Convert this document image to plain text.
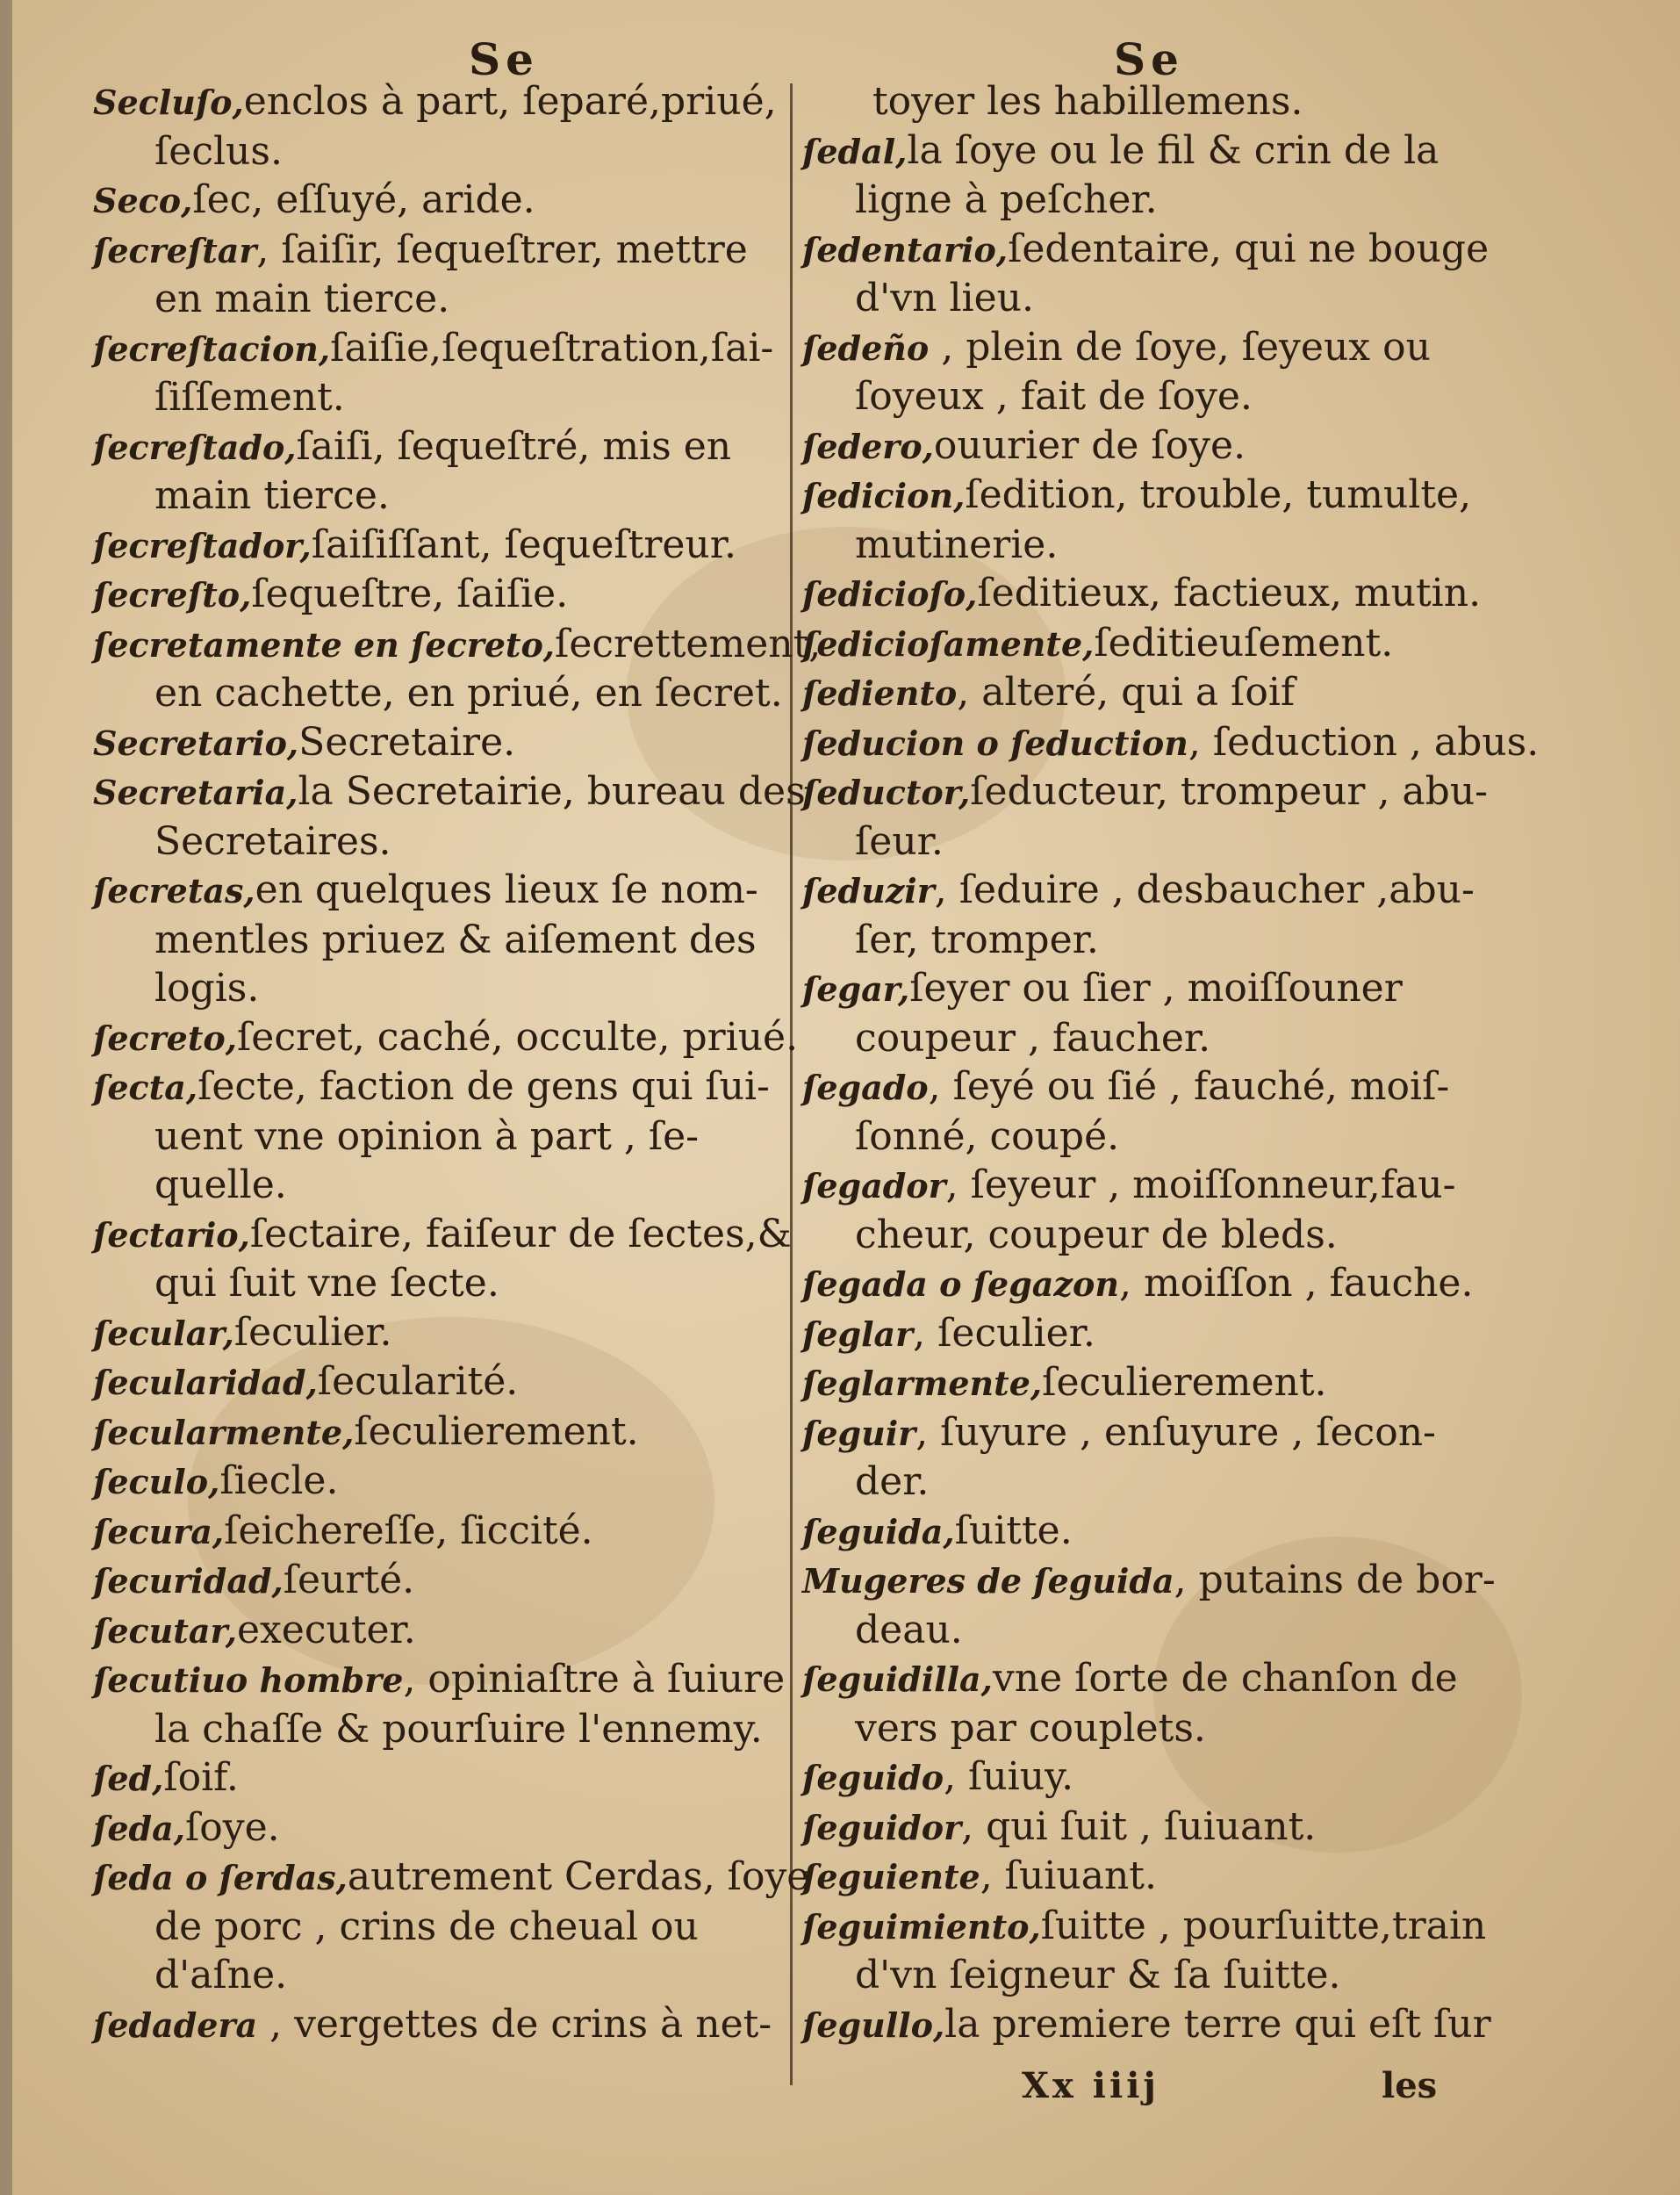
Se	Se

Secluſo,enclos à part, ſeparé,priué,
ſeclus.

Seco,ſec, eſſuyé, aride.

ſecreſtar, ſaiſir, ſequeſtrer, mettre
en main tierce.

ſecreſtacion,ſaiſie,ſequeſtration,ſai-
ſiſſement.

ſecreſtado,ſaiſi, ſequeſtré, mis en
main tierce.

ſecreſtador,ſaiſiſſant, ſequeſtreur.

ſecreſto,ſequeſtre, ſaiſie.

ſecretamente en ſecreto,ſecrettement,
en cachette, en priué, en ſecret.

Secretario,Secretaire.

Secretaria,la Secretairie, bureau des
Secretaires.

ſecretas,en quelques lieux ſe nom-
mentles priuez & aiſement des
logis.

ſecreto,ſecret, caché, occulte, priué.

ſecta,ſecte, faction de gens qui ſui-
uent vne opinion à part , ſe-
quelle.

ſectario,ſectaire, faiſeur de ſectes,&
qui ſuit vne ſecte.

ſecular,ſeculier.

ſecularidad,ſecularité.

ſecularmente,ſeculierement.

ſeculo,ſiecle.

ſecura,ſeichereſſe, ſiccité.

ſecuridad,ſeurté.

ſecutar,executer.

ſecutiuo hombre, opiniaſtre à ſuiure
la chaſſe & pourſuire l'ennemy.

ſed,ſoif.

ſeda,ſoye.

ſeda o ſerdas,autrement Cerdas, ſoye
de porc , crins de cheual ou
d'aſne.

ſedadera , vergettes de crins à net-

toyer les habillemens.

ſedal,la ſoye ou le fil & crin de la
ligne à peſcher.

ſedentario,ſedentaire, qui ne bouge
d'vn lieu.

ſedeño , plein de ſoye, ſeyeux ou
ſoyeux , fait de ſoye.

ſedero,ouurier de ſoye.

ſedicion,ſedition, trouble, tumulte,
mutinerie.

ſedicioſo,ſeditieux, factieux, mutin.

ſedicioſamente,ſeditieuſement.

ſediento, alteré, qui a ſoif

ſeducion o ſeduction, ſeduction , abus.

ſeductor,ſeducteur, trompeur , abu-
ſeur.

ſeduzir, ſeduire , desbaucher ,abu-
ſer, tromper.

ſegar,ſeyer ou ſier , moiſſouner
coupeur , faucher.

ſegado, ſeyé ou ſié , fauché, moiſ-
ſonné, coupé.

ſegador, ſeyeur , moiſſonneur,fau-
cheur, coupeur de bleds.

ſegada o ſegazon, moiſſon , fauche.

ſeglar, ſeculier.

ſeglarmente,ſeculierement.

ſeguir, ſuyure , enſuyure , ſecon-
der.

ſeguida,ſuitte.

Mugeres de ſeguida, putains de bor-
deau.

ſeguidilla,vne ſorte de chanſon de
vers par couplets.

ſeguido, ſuiuy.

ſeguidor, qui ſuit , ſuiuant.

ſeguiente, ſuiuant.

ſeguimiento,ſuitte , pourſuitte,train
d'vn ſeigneur & ſa ſuitte.

ſegullo,la premiere terre qui eſt ſur

Xx iiij	les
